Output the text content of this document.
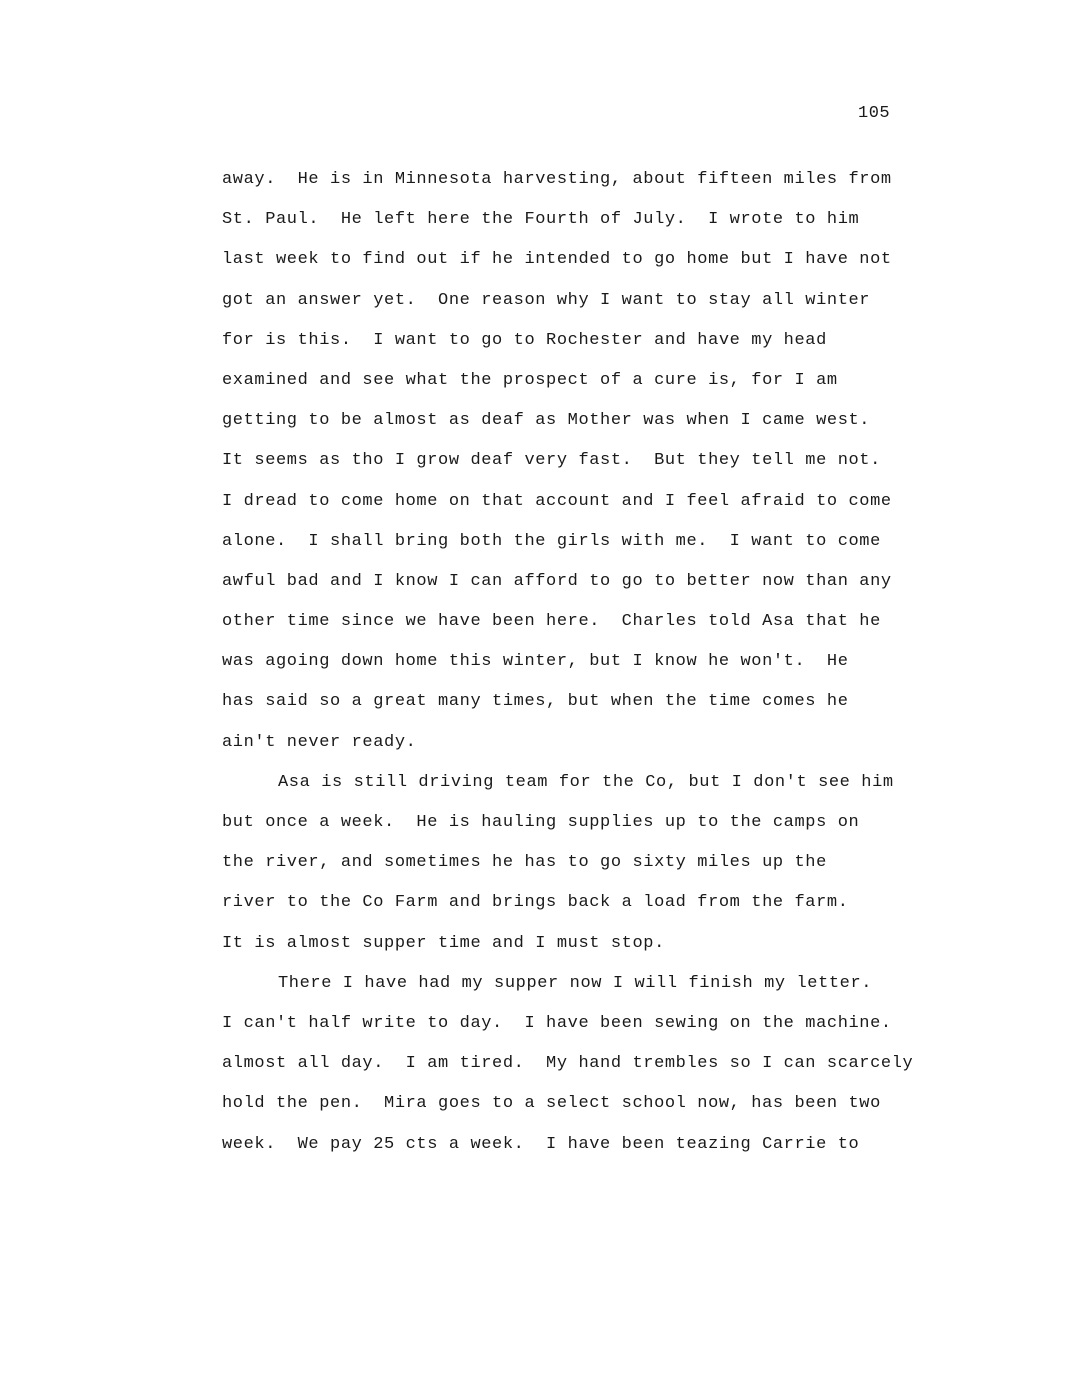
105
away.  He is in Minnesota harvesting, about fifteen miles from
St. Paul.  He left here the Fourth of July.  I wrote to him
last week to find out if he intended to go home but I have not
got an answer yet.  One reason why I want to stay all winter
for is this.  I want to go to Rochester and have my head
examined and see what the prospect of a cure is, for I am
getting to be almost as deaf as Mother was when I came west.
It seems as tho I grow deaf very fast.  But they tell me not.
I dread to come home on that account and I feel afraid to come
alone.  I shall bring both the girls with me.  I want to come
awful bad and I know I can afford to go to better now than any
other time since we have been here.  Charles told Asa that he
was agoing down home this winter, but I know he won't.  He
has said so a great many times, but when the time comes he
ain't never ready.
Asa is still driving team for the Co, but I don't see him
but once a week.  He is hauling supplies up to the camps on
the river, and sometimes he has to go sixty miles up the
river to the Co Farm and brings back a load from the farm.
It is almost supper time and I must stop.
There I have had my supper now I will finish my letter.
I can't half write to day.  I have been sewing on the machine.
almost all day.  I am tired.  My hand trembles so I can scarcely
hold the pen.  Mira goes to a select school now, has been two
week.  We pay 25 cts a week.  I have been teazing Carrie to
